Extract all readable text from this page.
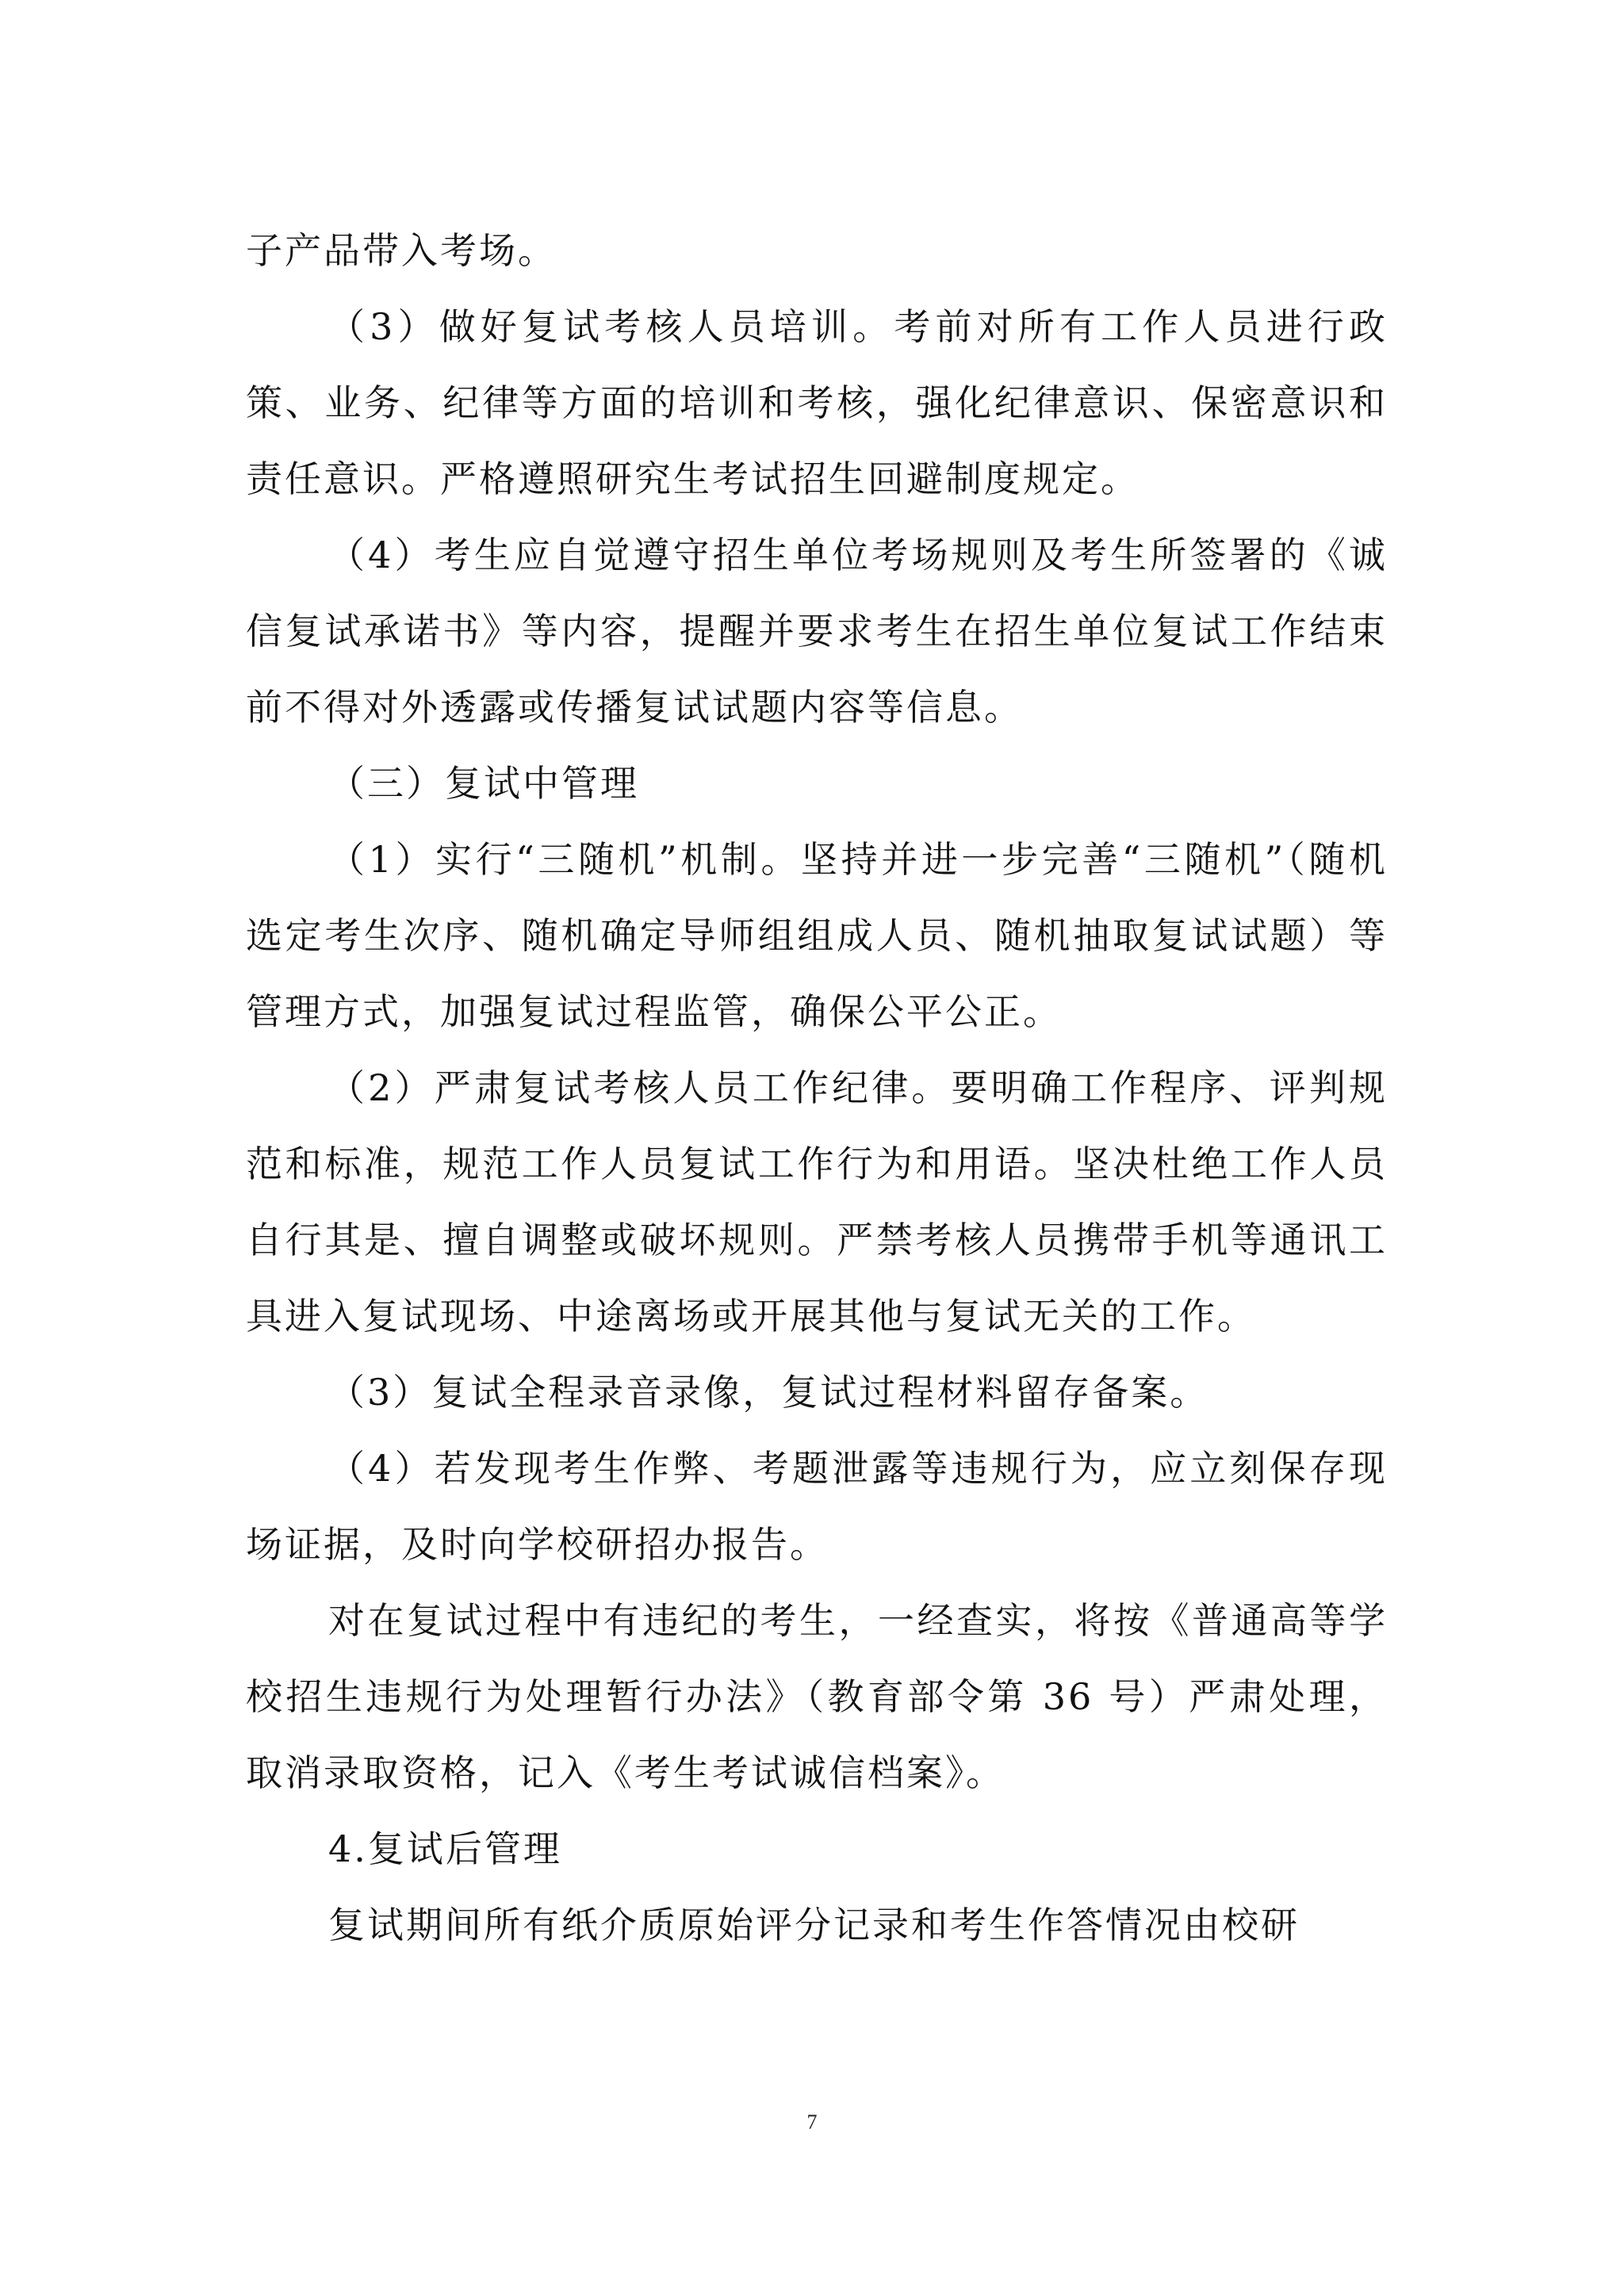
子产品带入考场。

（3）做好复试考核人员培训。考前对所有工作人员进行政策、业务、纪律等方面的培训和考核，强化纪律意识、保密意识和责任意识。严格遵照研究生考试招生回避制度规定。

（4）考生应自觉遵守招生单位考场规则及考生所签署的《诚信复试承诺书》等内容，提醒并要求考生在招生单位复试工作结束前不得对外透露或传播复试试题内容等信息。

（三）复试中管理

（1）实行“三随机”机制。坚持并进一步完善“三随机”（随机选定考生次序、随机确定导师组组成人员、随机抽取复试试题）等管理方式，加强复试过程监管，确保公平公正。

（2）严肃复试考核人员工作纪律。要明确工作程序、评判规范和标准，规范工作人员复试工作行为和用语。坚决杜绝工作人员自行其是、擅自调整或破坏规则。严禁考核人员携带手机等通讯工具进入复试现场、中途离场或开展其他与复试无关的工作。

（3）复试全程录音录像，复试过程材料留存备案。

（4）若发现考生作弊、考题泄露等违规行为，应立刻保存现场证据，及时向学校研招办报告。

对在复试过程中有违纪的考生，一经查实，将按《普通高等学校招生违规行为处理暂行办法》（教育部令第 36 号）严肃处理，取消录取资格，记入《考生考试诚信档案》。

4.复试后管理

复试期间所有纸介质原始评分记录和考生作答情况由校研

7
